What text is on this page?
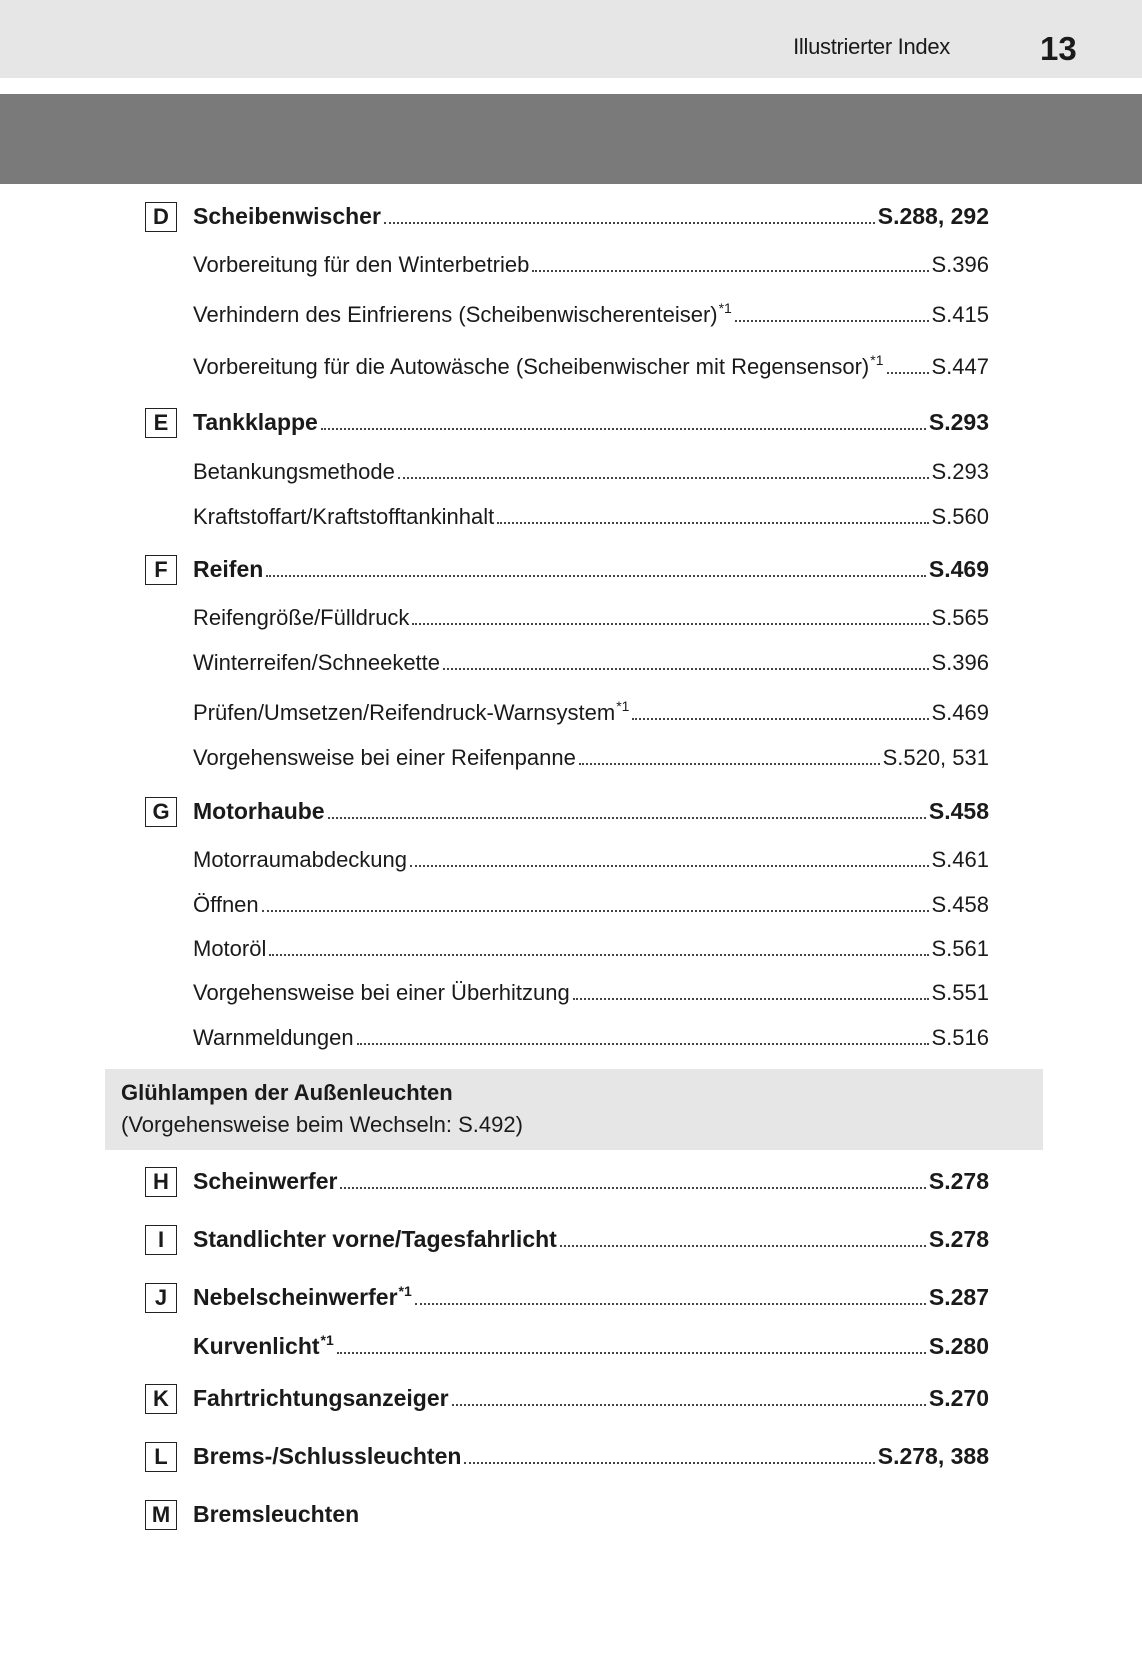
Illustrierter Index	13
D	Scheibenwischer	S.288, 292
Vorbereitung für den Winterbetrieb	S.396
Verhindern des Einfrierens (Scheibenwischerenteiser)$^{*1}$	S.415
Vorbereitung für die Autowäsche (Scheibenwischer mit Regensensor)$^{*1}$ S.447
E	Tankklappe	S.293
Betankungsmethode	S.293
Kraftstoffart/Kraftstofftankinhalt	S.560
F	Reifen	S.469
Reifengröße/Fülldruck	S.565
Winterreifen/Schneekette	S.396
Prüfen/Umsetzen/Reifendruck-Warnsystem$^{*1}$	S.469
Vorgehensweise bei einer Reifenpanne	S.520, 531
G	Motorhaube	S.458
Motorraumabdeckung	S.461
Öffnen	S.458
Motoröl	S.561
Vorgehensweise bei einer Überhitzung	S.551
Warnmeldungen	S.516
Glühlampen der Außenleuchten
(Vorgehensweise beim Wechseln: S.492)
H	Scheinwerfer	S.278
I	Standlichter vorne/Tagesfahrlicht	S.278
J	Nebelscheinwerfer$^{*1}$	S.287
Kurvenlicht$^{*1}$	S.280
K	Fahrtrichtungsanzeiger	S.270
L	Brems-/Schlussleuchten	S.278, 388
M Bremsleuchten
